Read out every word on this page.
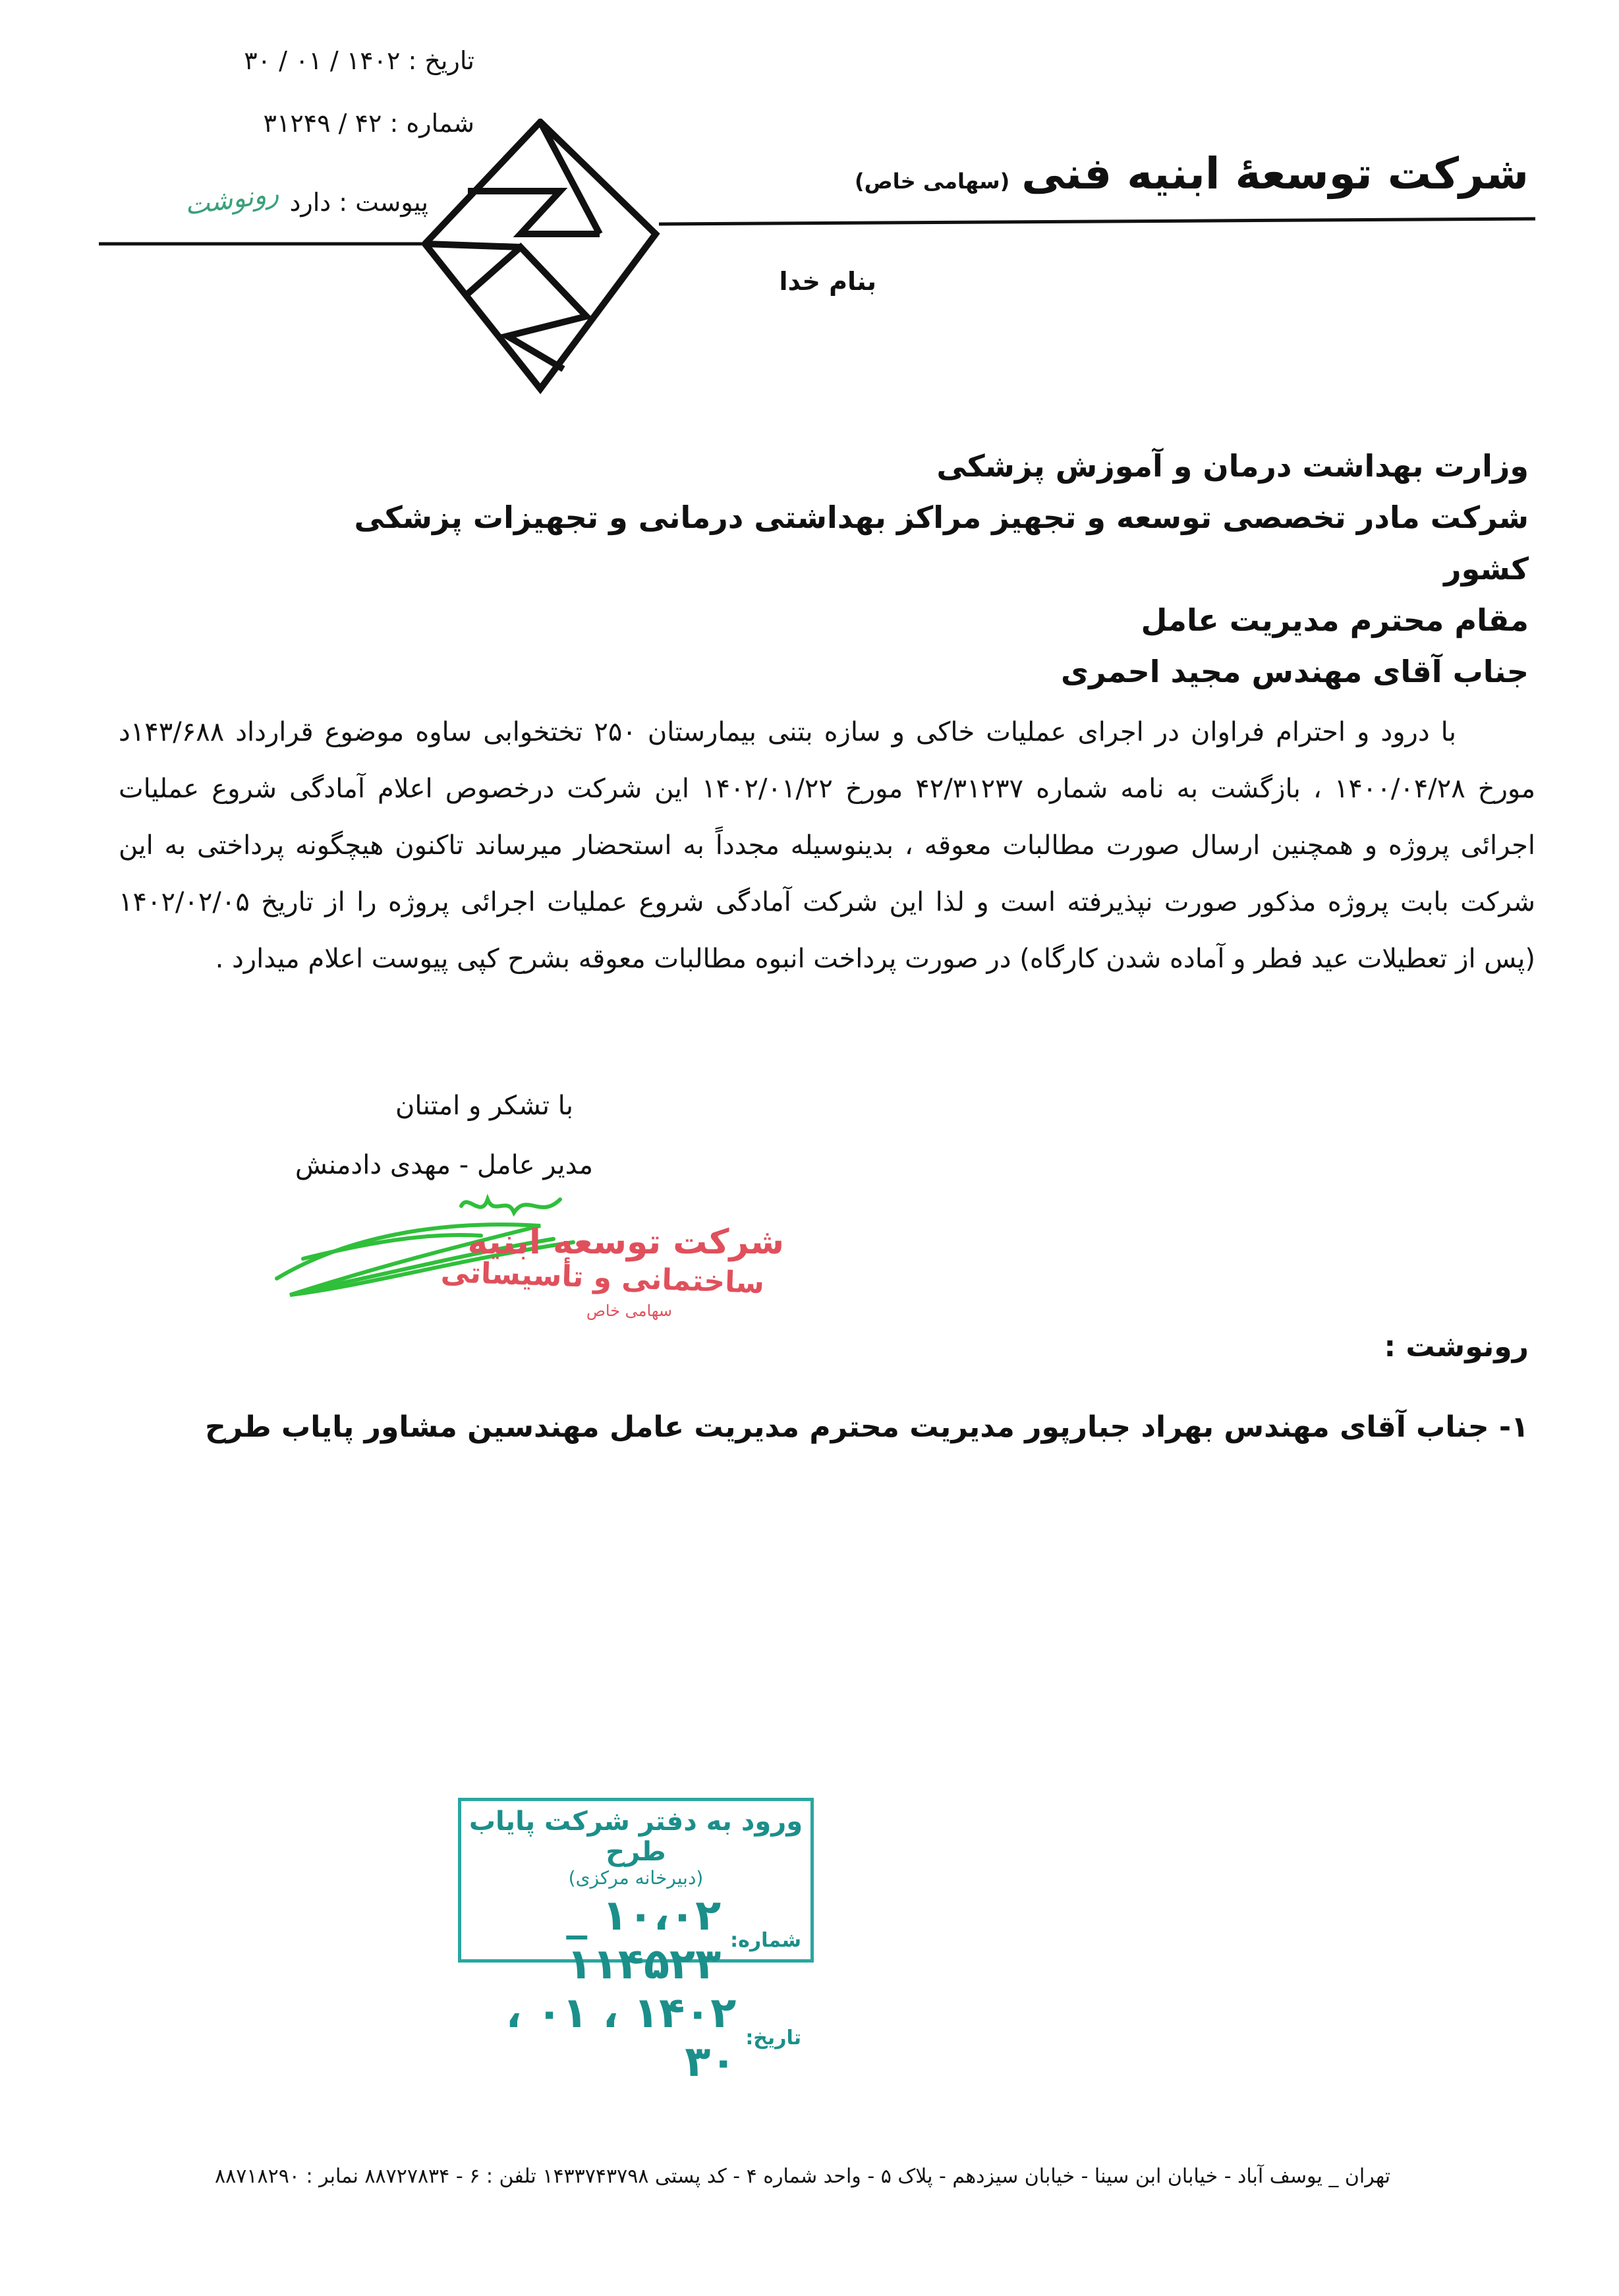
تاریخ : ۱۴۰۲ / ۰۱ / ۳۰
شماره : ۴۲ / ۳۱۲۴۹
پیوست : دارد
رونوشت
شرکت توسعهٔ ابنیه فنی(سهامی خاص)
بنام خدا
وزارت بهداشت درمان و آموزش پزشکی
شرکت مادر تخصصی توسعه و تجهیز مراکز بهداشتی درمانی و تجهیزات پزشکی کشور
مقام محترم مدیریت عامل
جناب آقای مهندس مجید احمری
با درود و احترام فراوان در اجرای عملیات خاکی و سازه بتنی بیمارستان ۲۵۰ تختخوابی ساوه موضوع قرارداد ۱۴۳/۶۸۸د مورخ ۱۴۰۰/۰۴/۲۸ ، بازگشت به نامه شماره ۴۲/۳۱۲۳۷ مورخ ۱۴۰۲/۰۱/۲۲ این شرکت درخصوص اعلام آمادگی شروع عملیات اجرائی پروژه و همچنین ارسال صورت مطالبات معوقه ، بدینوسیله مجدداً به استحضار میرساند تاکنون هیچگونه پرداختی به این شرکت بابت پروژه مذکور صورت نپذیرفته است و لذا این شرکت آمادگی شروع عملیات اجرائی پروژه را از تاریخ ۱۴۰۲/۰۲/۰۵ (پس از تعطیلات عید فطر و آماده شدن کارگاه) در صورت پرداخت انبوه مطالبات معوقه بشرح کپی پیوست اعلام میدارد .
با تشکر و امتنان
مدیر عامل - مهدی دادمنش
شرکت توسعه ابنیه
ساختمانی و تأسیساتی
سهامی خاص
رونوشت :
۱- جناب آقای مهندس بهراد جبارپور مدیریت محترم مدیریت عامل مهندسین مشاور پایاب طرح
ورود به دفتر شرکت پایاب طرح
(دبیرخانه مرکزی)
شماره:
۱۰،۰۲ _ ۱۱۴۵۲۳
تاریخ:
۱۴۰۲ ، ۰۱ ، ۳۰
تهران _ یوسف آباد - خیابان ابن سینا - خیابان سیزدهم - پلاک ۵ - واحد شماره ۴ - کد پستی ۱۴۳۳۷۴۳۷۹۸ تلفن : ۶ - ۸۸۷۲۷۸۳۴ نمابر : ۸۸۷۱۸۲۹۰
